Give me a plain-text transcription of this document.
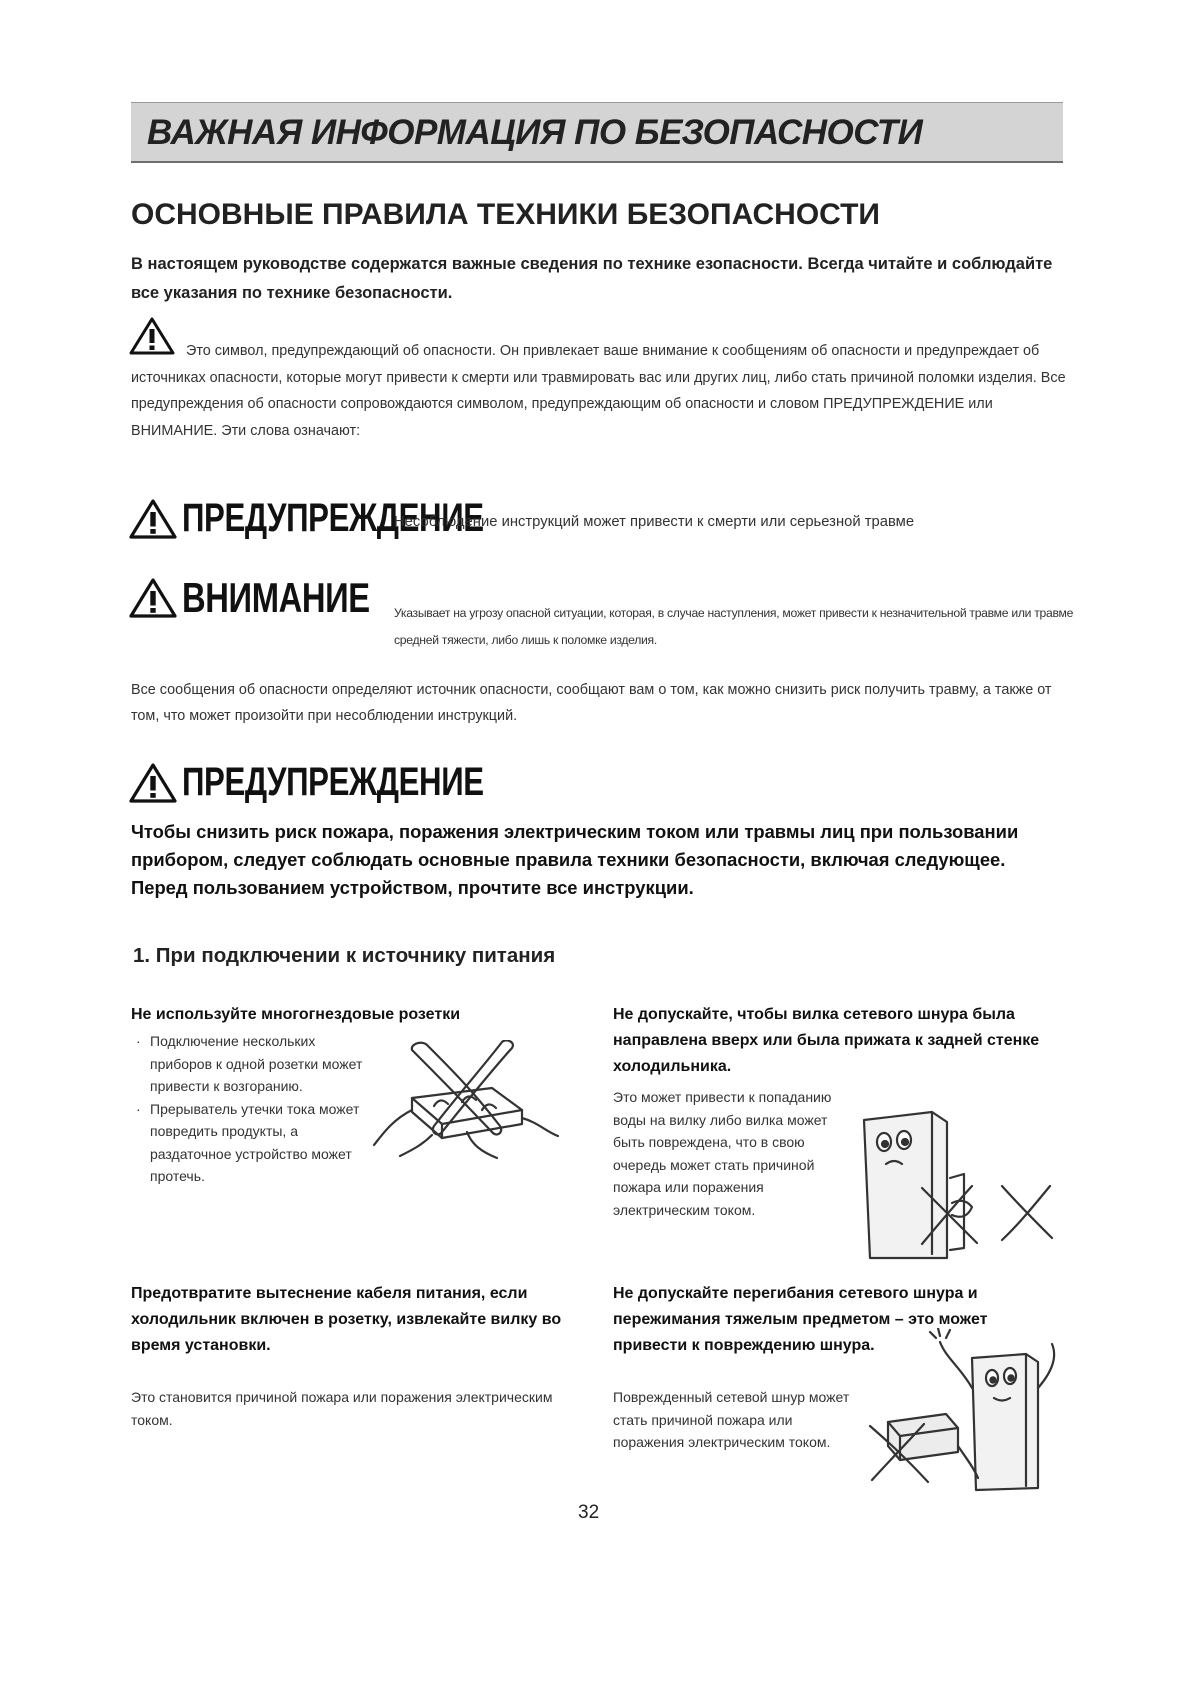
ВАЖНАЯ ИНФОРМАЦИЯ ПО БЕЗОПАСНОСТИ
ОСНОВНЫЕ ПРАВИЛА ТЕХНИКИ БЕЗОПАСНОСТИ
В настоящем руководстве содержатся важные сведения по технике езопасности. Всегда читайте и соблюдайте все указания по технике безопасности.
Это символ, предупреждающий об опасности. Он привлекает ваше внимание к сообщениям об опасности и предупреждает об источниках опасности, которые могут привести к смерти или травмировать вас или других лиц, либо стать причиной поломки изделия. Все предупреждения об опасности сопровождаются символом, предупреждающим об опасности и словом ПРЕДУПРЕЖДЕНИЕ или ВНИМАНИЕ. Эти слова означают:
ПРЕДУПРЕЖДЕНИЕ
Несоблюдение инструкций может привести к смерти или серьезной травме
ВНИМАНИЕ Указывает на угрозу опасной ситуации, которая, в случае наступления, может привести к незначительной травме или травме средней тяжести, либо лишь к поломке изделия.
Все сообщения об опасности определяют источник опасности, сообщают вам о том, как можно снизить риск получить травму, а также от том, что может произойти при несоблюдении инструкций.
ПРЕДУПРЕЖДЕНИЕ
Чтобы снизить риск пожара, поражения электрическим током или травмы лиц при пользовании прибором, следует соблюдать основные правила техники безопасности, включая следующее.
Перед пользованием устройством, прочтите все инструкции.
1. При подключении к источнику питания
Не используйте многогнездовые розетки
· Подключение нескольких приборов к одной розетки может привести к возгоранию.
· Прерыватель утечки тока может повредить продукты, а раздаточное устройство может протечь.
Не допускайте, чтобы вилка сетевого шнура была направлена вверх или была прижата к задней стенке холодильника.
Это может привести к попаданию воды на вилку либо вилка может быть повреждена, что в свою очередь может стать причиной пожара или поражения электрическим током.
Предотвратите вытеснение кабеля питания, если холодильник включен в розетку, извлекайте вилку во время установки.
Это становится причиной пожара или поражения электрическим током.
Не допускайте перегибания сетевого шнура и пережимания тяжелым предметом – это может привести к повреждению шнура.
Поврежденный сетевой шнур может стать причиной пожара или поражения электрическим током.
32
